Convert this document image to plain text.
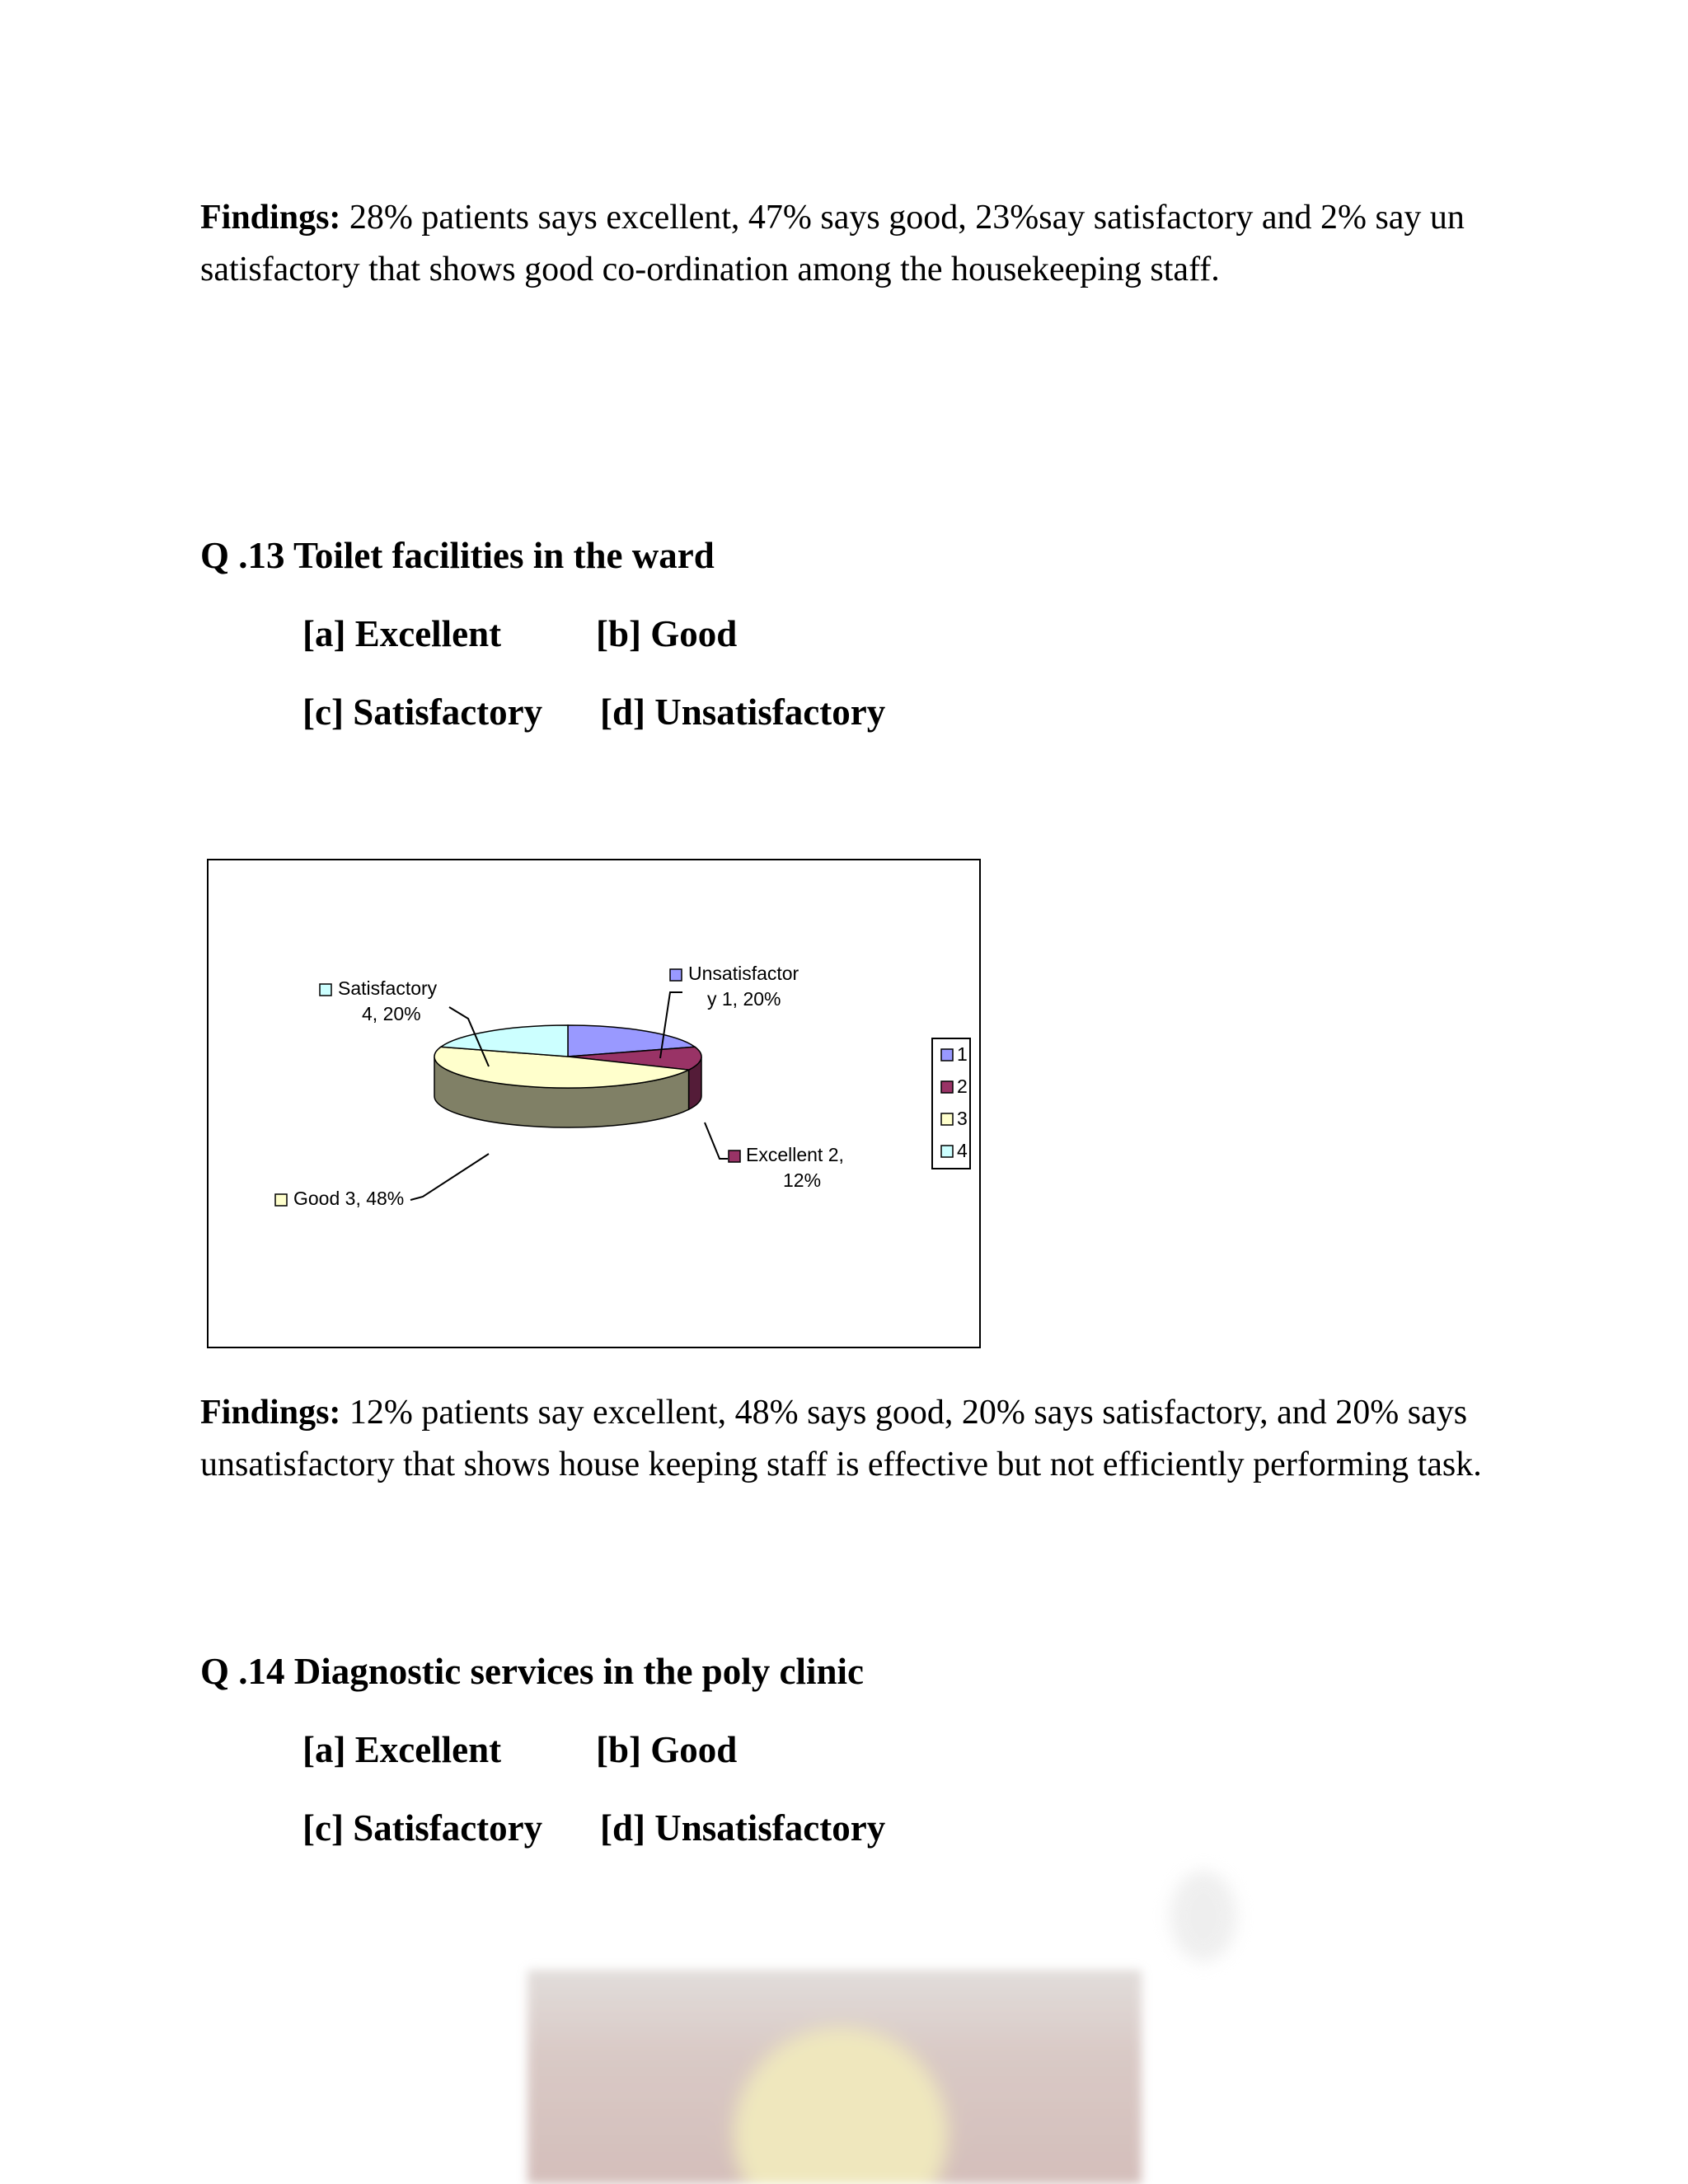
Findings: 28% patients says excellent, 47% says good, 23%say satisfactory and 2% say un satisfactory that shows good co-ordination among the housekeeping staff.

Q .13 Toilet facilities in the ward

[a] Excellent	[b] Good
[c] Satisfactory [d] Unsatisfactory
Unsatisfactor
y 1, 20%
Excellent 2,
12%
Good 3, 48%
Satisfactory
4, 20%
1
2
3
4

Findings: 12% patients say excellent, 48% says good, 20% says satisfactory, and 20% says unsatisfactory that shows house keeping staff is effective but not efficiently performing task.

Q .14 Diagnostic services in the poly clinic

[a] Excellent	[b] Good
[c] Satisfactory [d] Unsatisfactory
